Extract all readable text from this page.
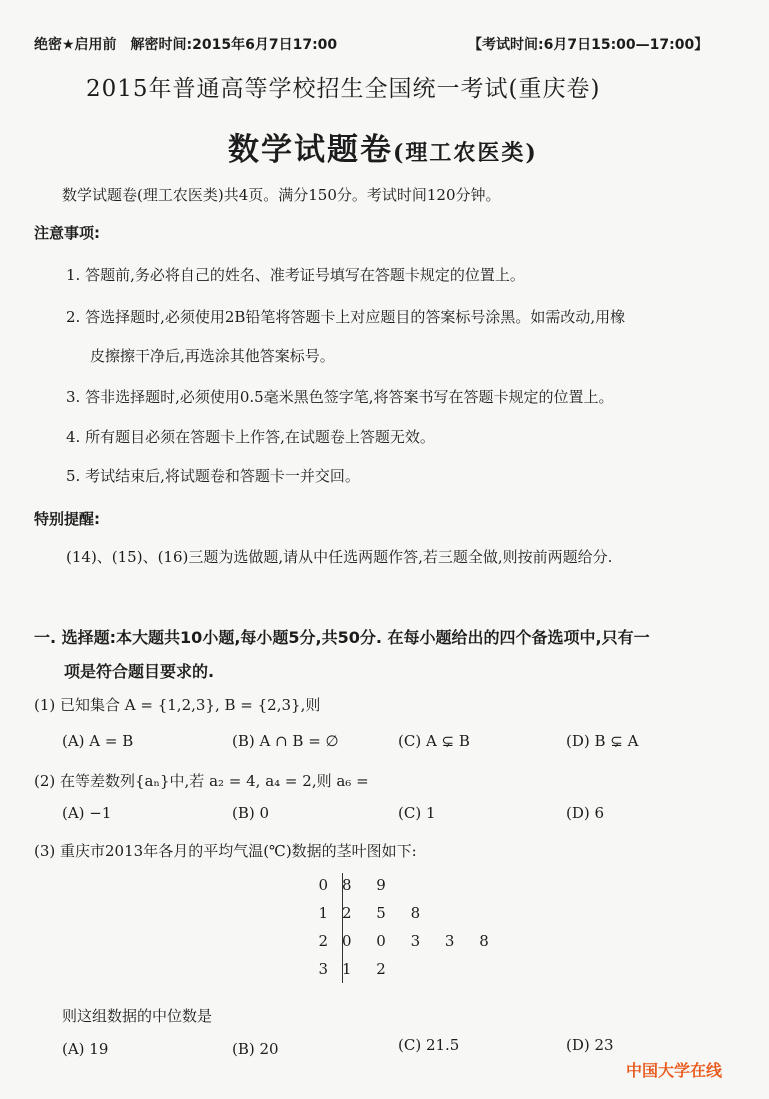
绝密★启用前　解密时间:2015年6月7日17:00	【考试时间:6月7日15:00—17:00】
2015年普通高等学校招生全国统一考试(重庆卷)
数学试题卷(理工农医类)
数学试题卷(理工农医类)共4页。满分150分。考试时间120分钟。
注意事项:
1. 答题前,务必将自己的姓名、准考证号填写在答题卡规定的位置上。
2. 答选择题时,必须使用2B铅笔将答题卡上对应题目的答案标号涂黑。如需改动,用橡
皮擦擦干净后,再选涂其他答案标号。
3. 答非选择题时,必须使用0.5毫米黑色签字笔,将答案书写在答题卡规定的位置上。
4. 所有题目必须在答题卡上作答,在试题卷上答题无效。
5. 考试结束后,将试题卷和答题卡一并交回。
特别提醒:
(14)、(15)、(16)三题为选做题,请从中任选两题作答,若三题全做,则按前两题给分.
一. 选择题:本大题共10小题,每小题5分,共50分. 在每小题给出的四个备选项中,只有一
项是符合题目要求的.
(1) 已知集合 A = {1,2,3}, B = {2,3},则
(A) A = B	(B) A ∩ B = ∅	(C) A ⊊ B	(D) B ⊊ A
(2) 在等差数列{aₙ}中,若 a₂ = 4, a₄ = 2,则 a₆ =
(A) −1	(B) 0	(C) 1	(D) 6
(3) 重庆市2013年各月的平均气温(℃)数据的茎叶图如下:
0 8 9
1 2 5 8
2 0 0 3 3 8
3 1 2
则这组数据的中位数是
(A) 19	(B) 20	(C) 21.5	(D) 23
中国大学在线
